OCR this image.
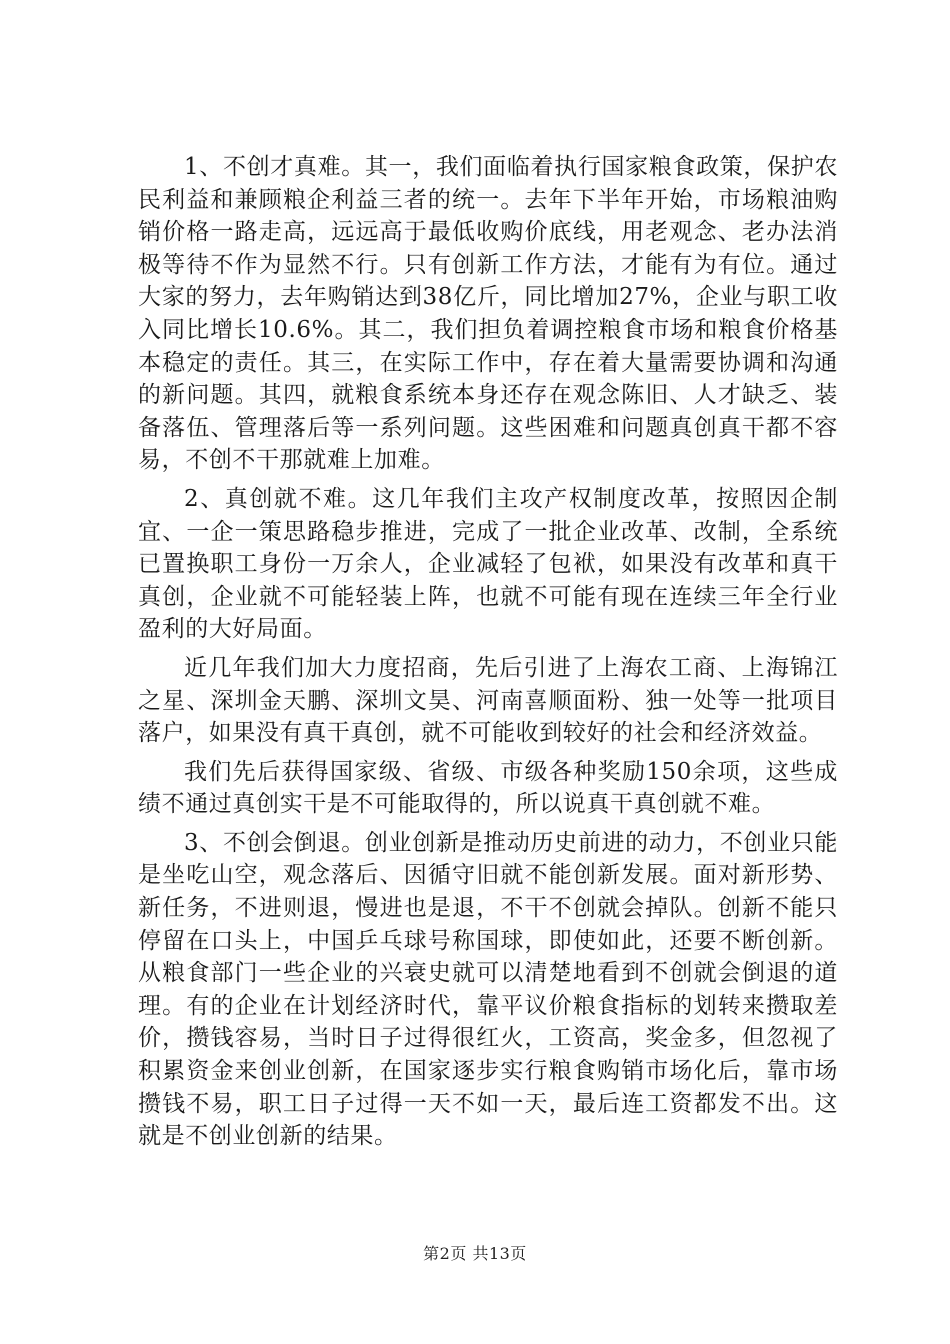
1、不创才真难。其一，我们面临着执行国家粮食政策，保护农民利益和兼顾粮企利益三者的统一。去年下半年开始，市场粮油购销价格一路走高，远远高于最低收购价底线，用老观念、老办法消极等待不作为显然不行。只有创新工作方法，才能有为有位。通过大家的努力，去年购销达到38亿斤，同比增加27%，企业与职工收入同比增长10.6%。其二，我们担负着调控粮食市场和粮食价格基本稳定的责任。其三，在实际工作中，存在着大量需要协调和沟通的新问题。其四，就粮食系统本身还存在观念陈旧、人才缺乏、装备落伍、管理落后等一系列问题。这些困难和问题真创真干都不容易，不创不干那就难上加难。

2、真创就不难。这几年我们主攻产权制度改革，按照因企制宜、一企一策思路稳步推进，完成了一批企业改革、改制，全系统已置换职工身份一万余人，企业减轻了包袱，如果没有改革和真干真创，企业就不可能轻装上阵，也就不可能有现在连续三年全行业盈利的大好局面。

近几年我们加大力度招商，先后引进了上海农工商、上海锦江之星、深圳金天鹏、深圳文昊、河南喜顺面粉、独一处等一批项目落户，如果没有真干真创，就不可能收到较好的社会和经济效益。

我们先后获得国家级、省级、市级各种奖励150余项，这些成绩不通过真创实干是不可能取得的，所以说真干真创就不难。

3、不创会倒退。创业创新是推动历史前进的动力，不创业只能是坐吃山空，观念落后、因循守旧就不能创新发展。面对新形势、新任务，不进则退，慢进也是退，不干不创就会掉队。创新不能只停留在口头上，中国乒乓球号称国球，即使如此，还要不断创新。从粮食部门一些企业的兴衰史就可以清楚地看到不创就会倒退的道理。有的企业在计划经济时代，靠平议价粮食指标的划转来攒取差价，攒钱容易，当时日子过得很红火，工资高，奖金多，但忽视了积累资金来创业创新，在国家逐步实行粮食购销市场化后，靠市场攒钱不易，职工日子过得一天不如一天，最后连工资都发不出。这就是不创业创新的结果。

第2页 共13页
